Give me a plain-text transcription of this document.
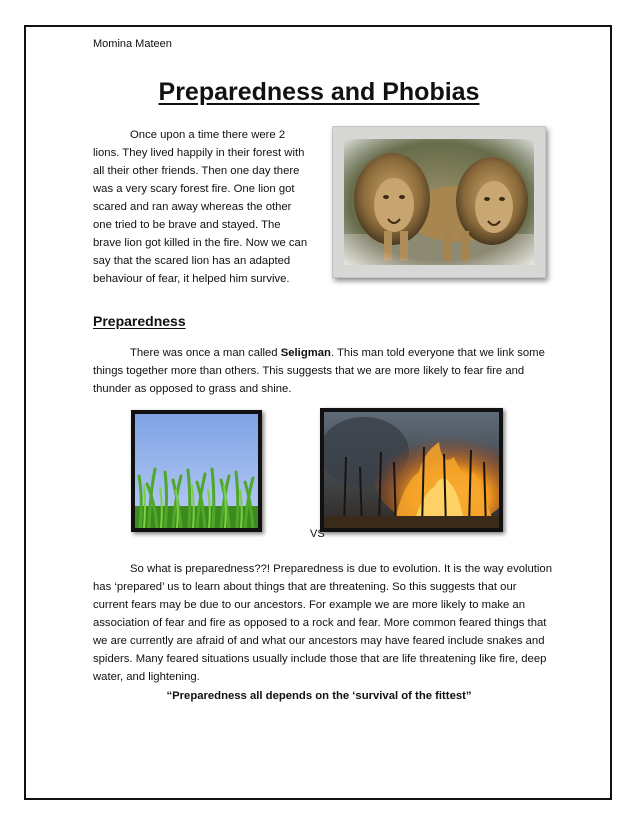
Momina Mateen
Preparedness and Phobias

Once upon a time there were 2 lions. They lived happily in their forest with all their other friends. Then one day there was a very scary forest fire. One lion got scared and ran away whereas the other one tried to be brave and stayed. The brave lion got killed in the fire. Now we can say that the scared lion has an adapted behaviour of fear, it helped him survive.

Preparedness

There was once a man called Seligman. This man told everyone that we link some things together more than others. This suggests that we are more likely to fear fire and thunder as opposed to grass and shine.

VS

So what is preparedness??! Preparedness is due to evolution. It is the way evolution has ‘prepared’ us to learn about things that are threatening. So this suggests that our current fears may be due to our ancestors. For example we are more likely to make an association of fear and fire as opposed to a rock and fear. More common feared things that we are currently are afraid of and what our ancestors may have feared include snakes and spiders. Many feared situations usually include those that are life threatening like fire, deep water, and lightening.

“Preparedness all depends on the ‘survival of the fittest”
